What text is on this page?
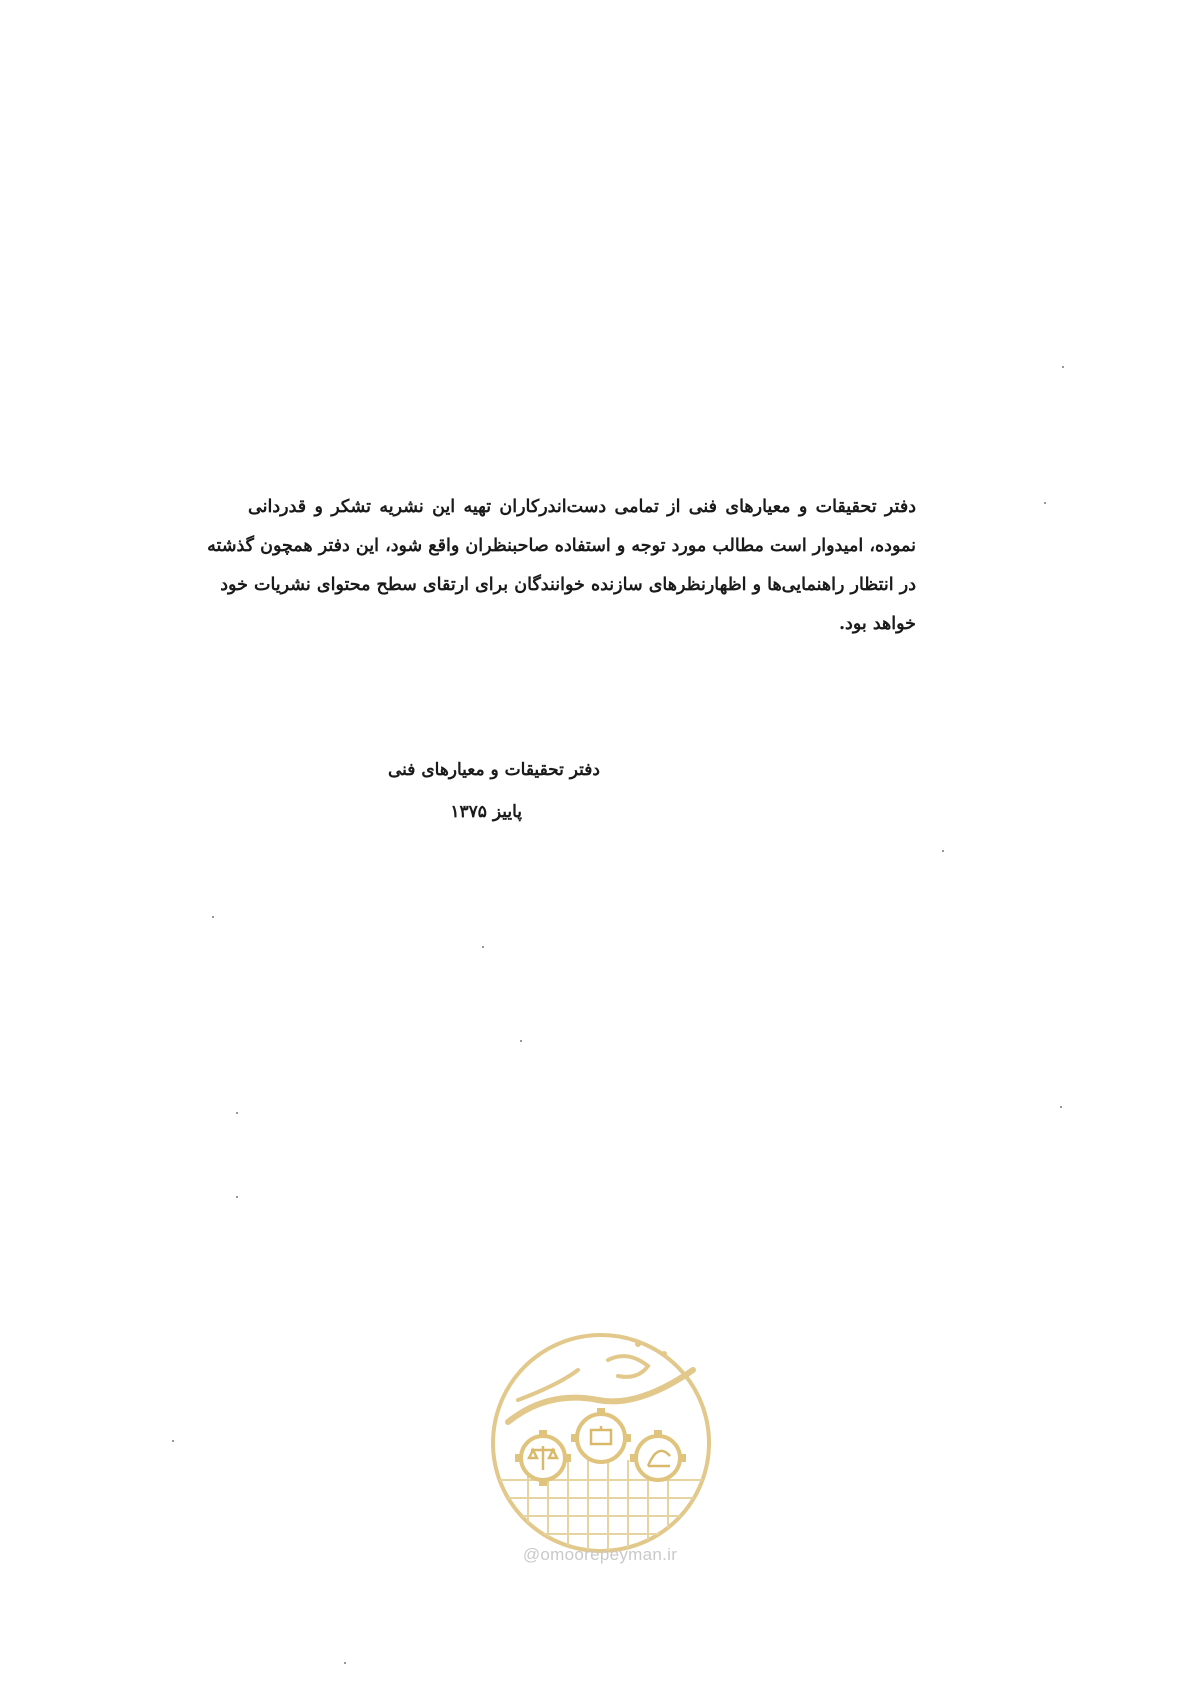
دفتر تحقیقات و معیارهای فنی از تمامی دست‌اندرکاران تهیه این نشریه تشکر و قدردانی
نموده، امیدوار است مطالب مورد توجه و استفاده صاحبنظران واقع شود، این دفتر همچون گذشته
در انتظار راهنمایی‌ها و اظهارنظرهای سازنده خوانندگان برای ارتقای سطح محتوای نشریات خود
خواهد بود.
دفتر تحقیقات و معیارهای فنی
پاییز ۱۳۷۵
@omoorepeyman.ir
